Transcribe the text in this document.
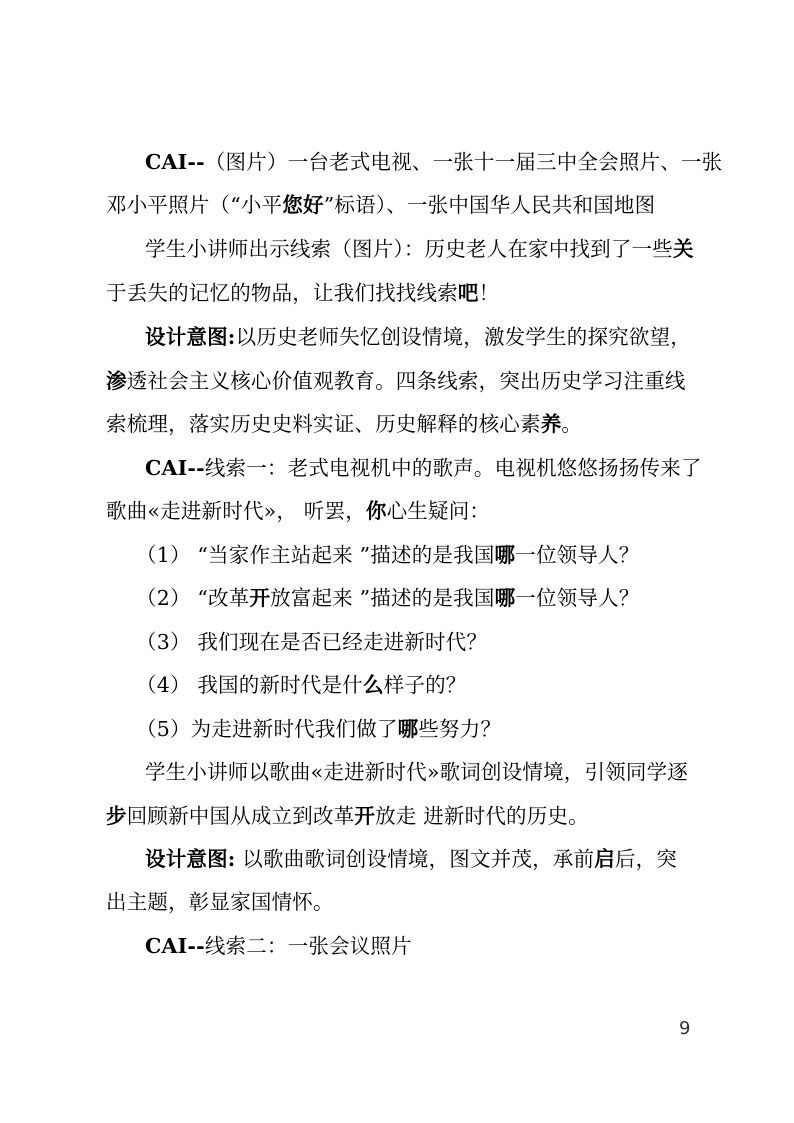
CAI--（图片）一台老式电视、一张十一届三中全会照片、一张
邓小平照片（“小平您好”标语）、一张中国华人民共和国地图
学生小讲师出示线索（图片）：历史老人在家中找到了一些关
于丢失的记忆的物品，让我们找找线索吧！
设计意图:以历史老师失忆创设情境，激发学生的探究欲望，
渗透社会主义核心价值观教育。四条线索，突出历史学习注重线
索梳理，落实历史史料实证、历史解释的核心素养。
CAI--线索一：老式电视机中的歌声。电视机悠悠扬扬传来了
歌曲«走进新时代»， 听罢，你心生疑问：
（1） “当家作主站起来 ”描述的是我国哪一位领导人？
（2） “改革开放富起来 ”描述的是我国哪一位领导人？
（3） 我们现在是否已经走进新时代？
（4） 我国的新时代是什么样子的？
（5）为走进新时代我们做了哪些努力？
学生小讲师以歌曲«走进新时代»歌词创设情境，引领同学逐
步回顾新中国从成立到改革开放走 进新时代的历史。
设计意图: 以歌曲歌词创设情境，图文并茂，承前启后，突
出主题，彰显家国情怀。
CAI--线索二：一张会议照片
9
